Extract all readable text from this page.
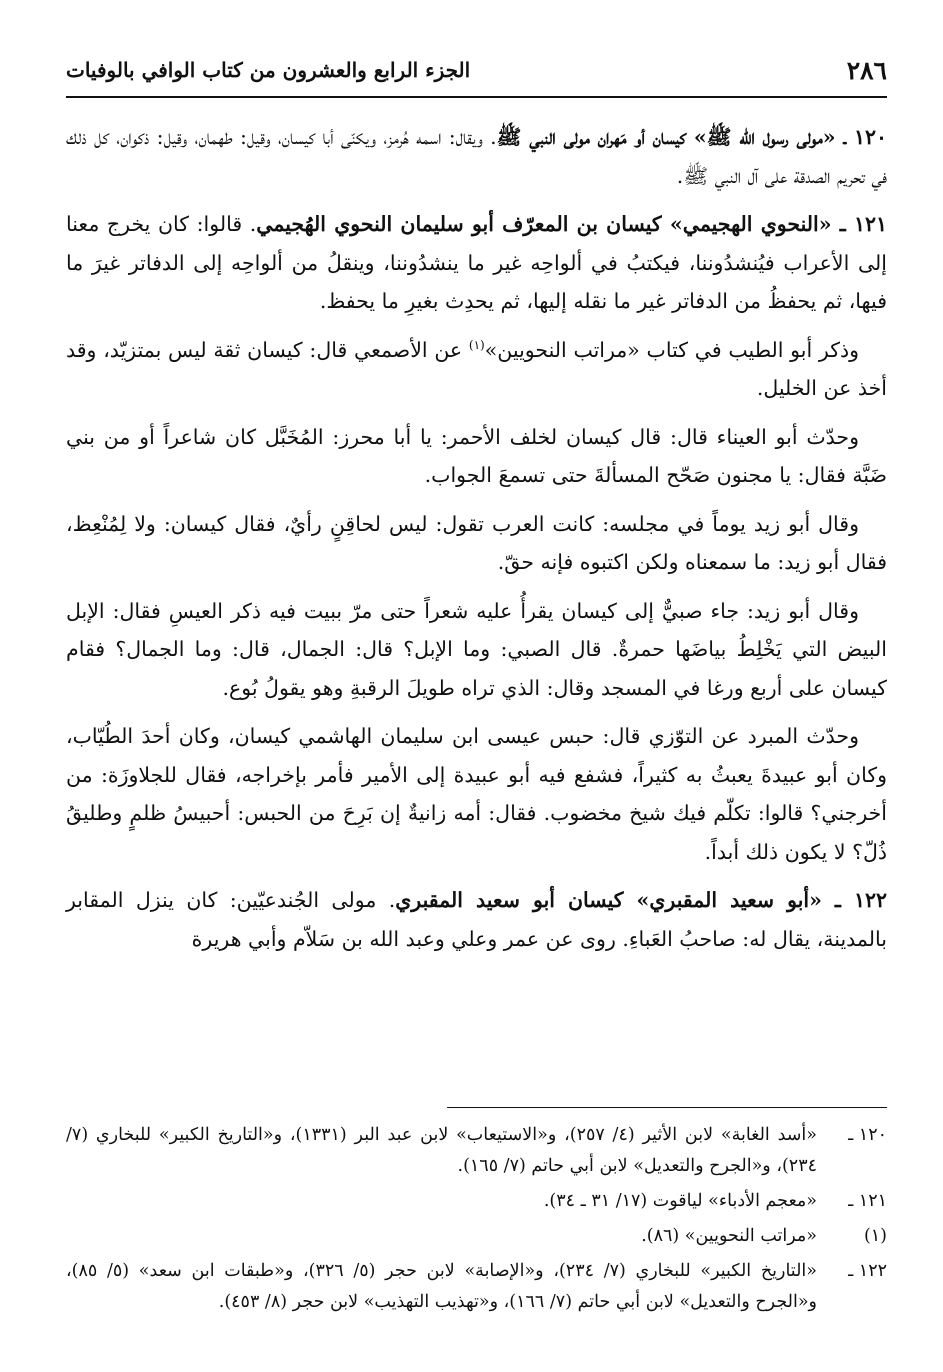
٢٨٦
الجزء الرابع والعشرون من كتاب الوافي بالوفيات

١٢٠ ـ «مولى رسول الله ﷺ» كيسان أو مَهران مولى النبي ﷺ. ويقال: اسمه هُرمز، ويكنّى أبا كيسان، وقيل: طهمان، وقيل: ذكوان، كل ذلك في تحريم الصدقة على آل النبي ﷺ.

١٢١ ـ «النحوي الهجيمي» كيسان بن المعرّف أبو سليمان النحوي الهُجيمي. قالوا: كان يخرج معنا إلى الأعراب فيُنشدُوننا، فيكتبُ في ألواحِه غير ما ينشدُوننا، وينقلُ من ألواحِه إلى الدفاتر غيرَ ما فيها، ثم يحفظُ من الدفاتر غير ما نقله إليها، ثم يحدِث بغيرِ ما يحفظ.

وذكر أبو الطيب في كتاب «مراتب النحويين»$^{(١)}$ عن الأصمعي قال: كيسان ثقة ليس بمتزيّد، وقد أخذ عن الخليل.

وحدّث أبو العيناء قال: قال كيسان لخلف الأحمر: يا أبا محرز: المُخَبَّل كان شاعراً أو من بني ضَبَّة فقال: يا مجنون صَحّح المسألةَ حتى تسمعَ الجواب.

وقال أبو زيد يوماً في مجلسه: كانت العرب تقول: ليس لحاقِنٍ رأيٌ، فقال كيسان: ولا لِمُنْعِظ، فقال أبو زيد: ما سمعناه ولكن اكتبوه فإنه حقّ.

وقال أبو زيد: جاء صبيٌّ إلى كيسان يقرأُ عليه شعراً حتى مرّ ببيت فيه ذكر العيسِ فقال: الإبل البيض التي يَخْلِطُ بياضَها حمرةٌ. قال الصبي: وما الإبل؟ قال: الجمال، قال: وما الجمال؟ فقام كيسان على أربع ورغا في المسجد وقال: الذي تراه طويلَ الرقبةِ وهو يقولُ بُوع.

وحدّث المبرد عن التوّزي قال: حبس عيسى ابن سليمان الهاشمي كيسان، وكان أحدَ الطُيّاب، وكان أبو عبيدةَ يعبثُ به كثيراً، فشفع فيه أبو عبيدة إلى الأمير فأمر بإخراجه، فقال للجلاوزَة: من أخرجني؟ قالوا: تكلّم فيك شيخ مخضوب. فقال: أمه زانيةٌ إن بَرِحَ من الحبس: أحبيسُ ظلمٍ وطليقُ ذُلّ؟ لا يكون ذلك أبداً.

١٢٢ ـ «أبو سعيد المقبري» كيسان أبو سعيد المقبري. مولى الجُندعيّين: كان ينزل المقابر بالمدينة، يقال له: صاحبُ العَباءِ. روى عن عمر وعلي وعبد الله بن سَلاّم وأبي هريرة

١٢٠ ـ
«أسد الغابة» لابن الأثير (٤/ ٢٥٧)، و«الاستيعاب» لابن عبد البر (١٣٣١)، و«التاريخ الكبير» للبخاري (٧/ ٢٣٤)، و«الجرح والتعديل» لابن أبي حاتم (٧/ ١٦٥).
١٢١ ـ
«معجم الأدباء» لياقوت (١٧/ ٣١ ـ ٣٤).
(١)
«مراتب النحويين» (٨٦).
١٢٢ ـ
«التاريخ الكبير» للبخاري (٧/ ٢٣٤)، و«الإصابة» لابن حجر (٥/ ٣٢٦)، و«طبقات ابن سعد» (٥/ ٨٥)، و«الجرح والتعديل» لابن أبي حاتم (٧/ ١٦٦)، و«تهذيب التهذيب» لابن حجر (٨/ ٤٥٣).
